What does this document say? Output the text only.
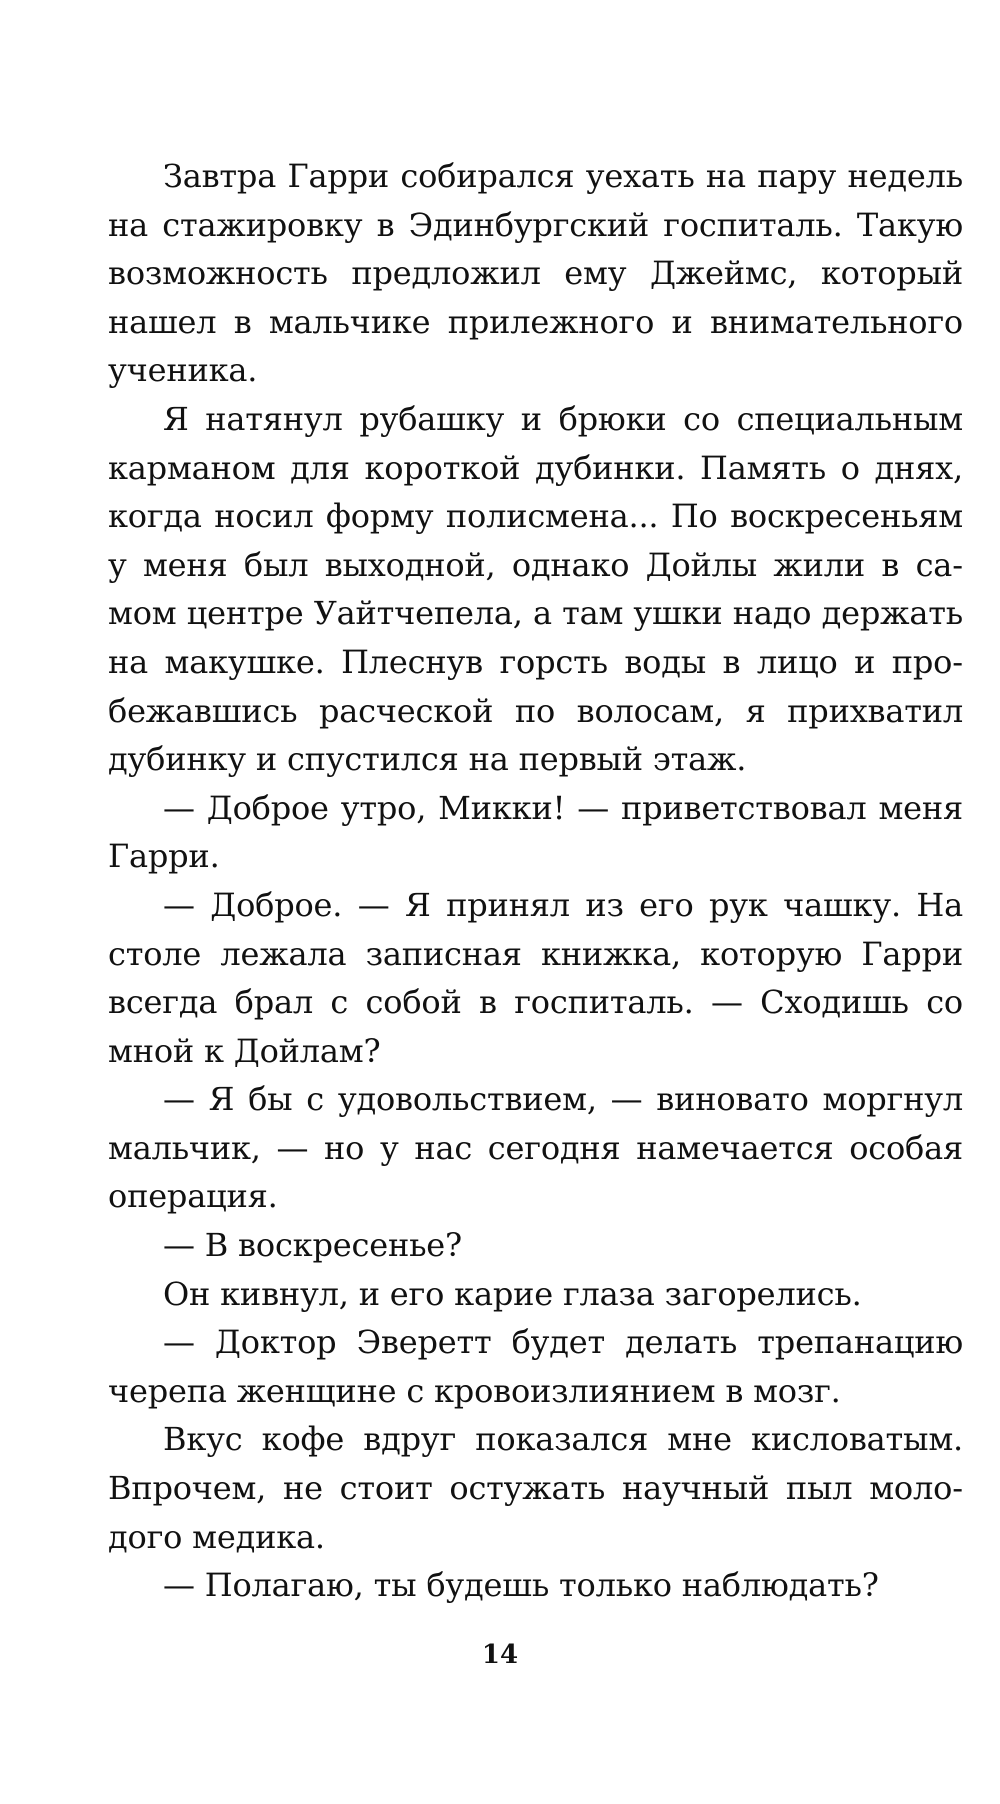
Завтра Гарри собирался уехать на пару недель на стажировку в Эдинбургский госпиталь. Такую возможность предложил ему Джеймс, который нашел в мальчике прилежного и внимательного ученика.

Я натянул рубашку и брюки со специальным карманом для короткой дубинки. Память о днях, когда носил форму полисмена... По воскресеньям у меня был выходной, однако Дойлы жили в самом центре Уайтчепела, а там ушки надо держать на макушке. Плеснув горсть воды в лицо и пробежавшись расческой по волосам, я прихватил дубинку и спустился на первый этаж.

— Доброе утро, Микки! — приветствовал меня Гарри.

— Доброе. — Я принял из его рук чашку. На столе лежала записная книжка, которую Гарри всегда брал с собой в госпиталь. — Сходишь со мной к Дойлам?

— Я бы с удовольствием, — виновато моргнул мальчик, — но у нас сегодня намечается особая операция.

— В воскресенье?

Он кивнул, и его карие глаза загорелись.

— Доктор Эверетт будет делать трепанацию черепа женщине с кровоизлиянием в мозг.

Вкус кофе вдруг показался мне кисловатым. Впрочем, не стоит остужать научный пыл молодого медика.

— Полагаю, ты будешь только наблюдать?

14
